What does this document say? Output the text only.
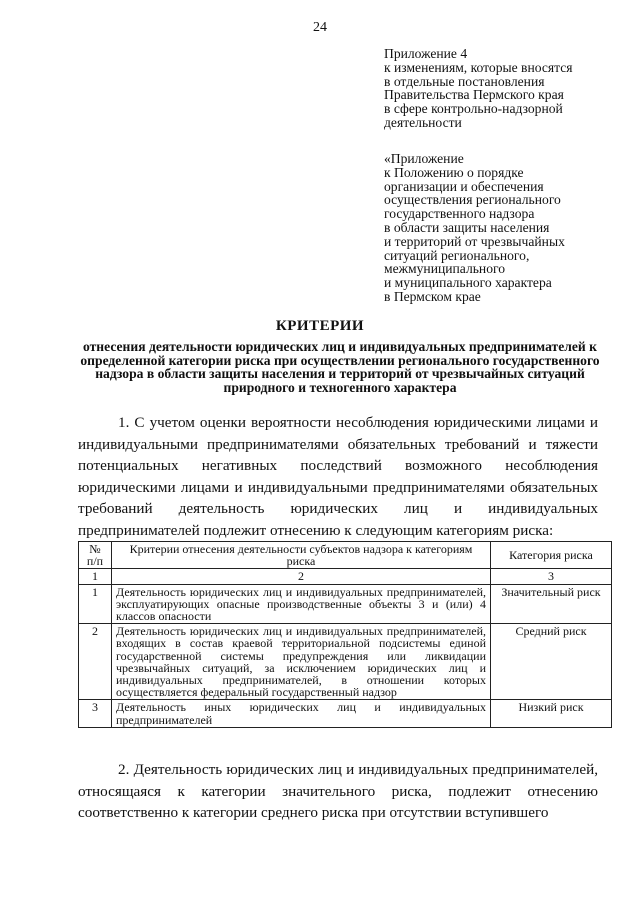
24
Приложение 4
к изменениям, которые вносятся
в отдельные постановления
Правительства Пермского края
в сфере контрольно-надзорной
деятельности
«Приложение
к Положению о порядке
организации и обеспечения
осуществления регионального
государственного надзора
в области защиты населения
и территорий от чрезвычайных
ситуаций регионального,
межмуниципального
и муниципального характера
в Пермском крае
КРИТЕРИИ
отнесения деятельности юридических лиц и индивидуальных предпринимателей к определенной категории риска при осуществлении регионального государственного надзора в области защиты населения и территорий от чрезвычайных ситуаций природного и техногенного характера
1. С учетом оценки вероятности несоблюдения юридическими лицами и индивидуальными предпринимателями обязательных требований и тяжести потенциальных негативных последствий возможного несоблюдения юридическими лицами и индивидуальными предпринимателями обязательных требований деятельность юридических лиц и индивидуальных предпринимателей подлежит отнесению к следующим категориям риска:
№ п/п	Критерии отнесения деятельности субъектов надзора к категориям риска	Категория риска
1	2	3
1	Деятельность юридических лиц и индивидуальных предпринимателей, эксплуатирующих опасные производственные объекты 3 и (или) 4 классов опасности	Значительный риск
2	Деятельность юридических лиц и индивидуальных предпринимателей, входящих в состав краевой территориальной подсистемы единой государственной системы предупреждения или ликвидации чрезвычайных ситуаций, за исключением юридических лиц и индивидуальных предпринимателей, в отношении которых осуществляется федеральный государственный надзор	Средний риск
3	Деятельность иных юридических лиц и индивидуальных предпринимателей	Низкий риск
2. Деятельность юридических лиц и индивидуальных предпринимателей, относящаяся к категории значительного риска, подлежит отнесению соответственно к категории среднего риска при отсутствии вступившего
